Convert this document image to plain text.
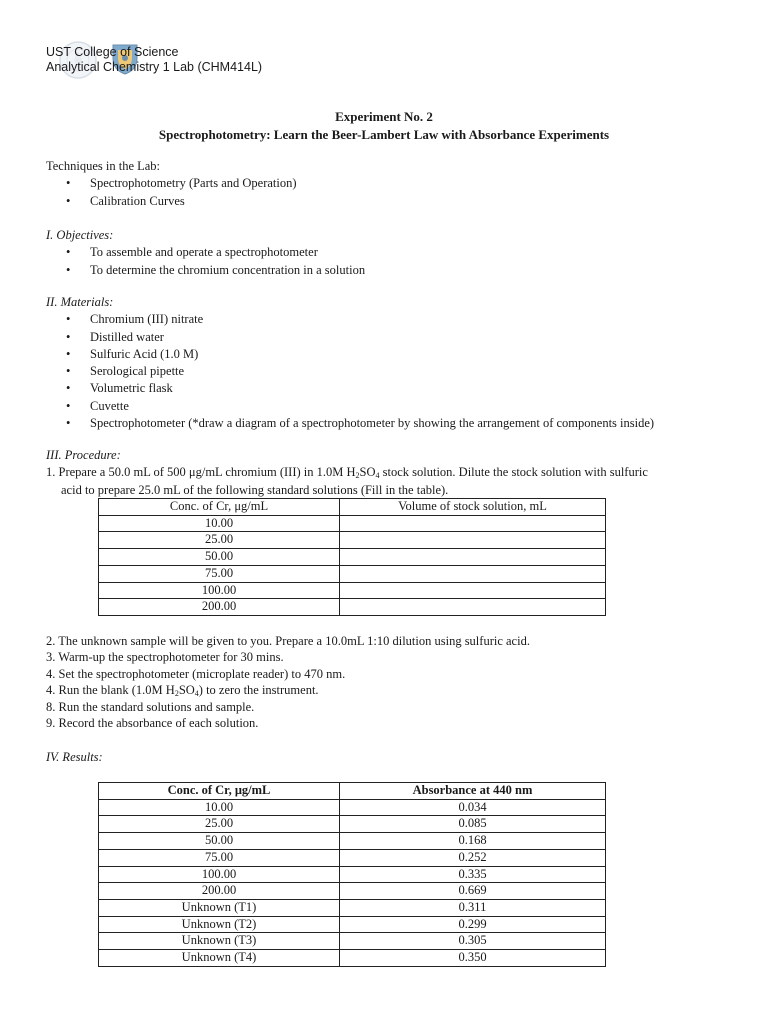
UST College of Science
Analytical Chemistry 1 Lab (CHM414L)
Experiment No. 2
Spectrophotometry: Learn the Beer-Lambert Law with Absorbance Experiments

Techniques in the Lab:

• Spectrophotometry (Parts and Operation)
• Calibration Curves

I. Objectives:

• To assemble and operate a spectrophotometer
• To determine the chromium concentration in a solution

II. Materials:

• Chromium (III) nitrate
• Distilled water
• Sulfuric Acid (1.0 M)
• Serological pipette
• Volumetric flask
• Cuvette
• Spectrophotometer (*draw a diagram of a spectrophotometer by showing the arrangement of components inside)

III. Procedure:

1. Prepare a 50.0 mL of 500 μg/mL chromium (III) in 1.0M $H_2SO_4$ stock solution. Dilute the stock solution with sulfuric

acid to prepare 25.0 mL of the following standard solutions (Fill in the table).

Conc. of Cr, μg/mL	Volume of stock solution, mL
10.00	
25.00	
50.00	
75.00	
100.00	
200.00	

2. The unknown sample will be given to you. Prepare a 10.0mL 1:10 dilution using sulfuric acid.

3. Warm-up the spectrophotometer for 30 mins.

4. Set the spectrophotometer (microplate reader) to 470 nm.

4. Run the blank (1.0M $H_2SO_4$) to zero the instrument.

8. Run the standard solutions and sample.

9. Record the absorbance of each solution.

IV. Results:

Conc. of Cr, μg/mL	Absorbance at 440 nm
10.00	0.034
25.00	0.085
50.00	0.168
75.00	0.252
100.00	0.335
200.00	0.669
Unknown (T1)	0.311
Unknown (T2)	0.299
Unknown (T3)	0.305
Unknown (T4)	0.350
